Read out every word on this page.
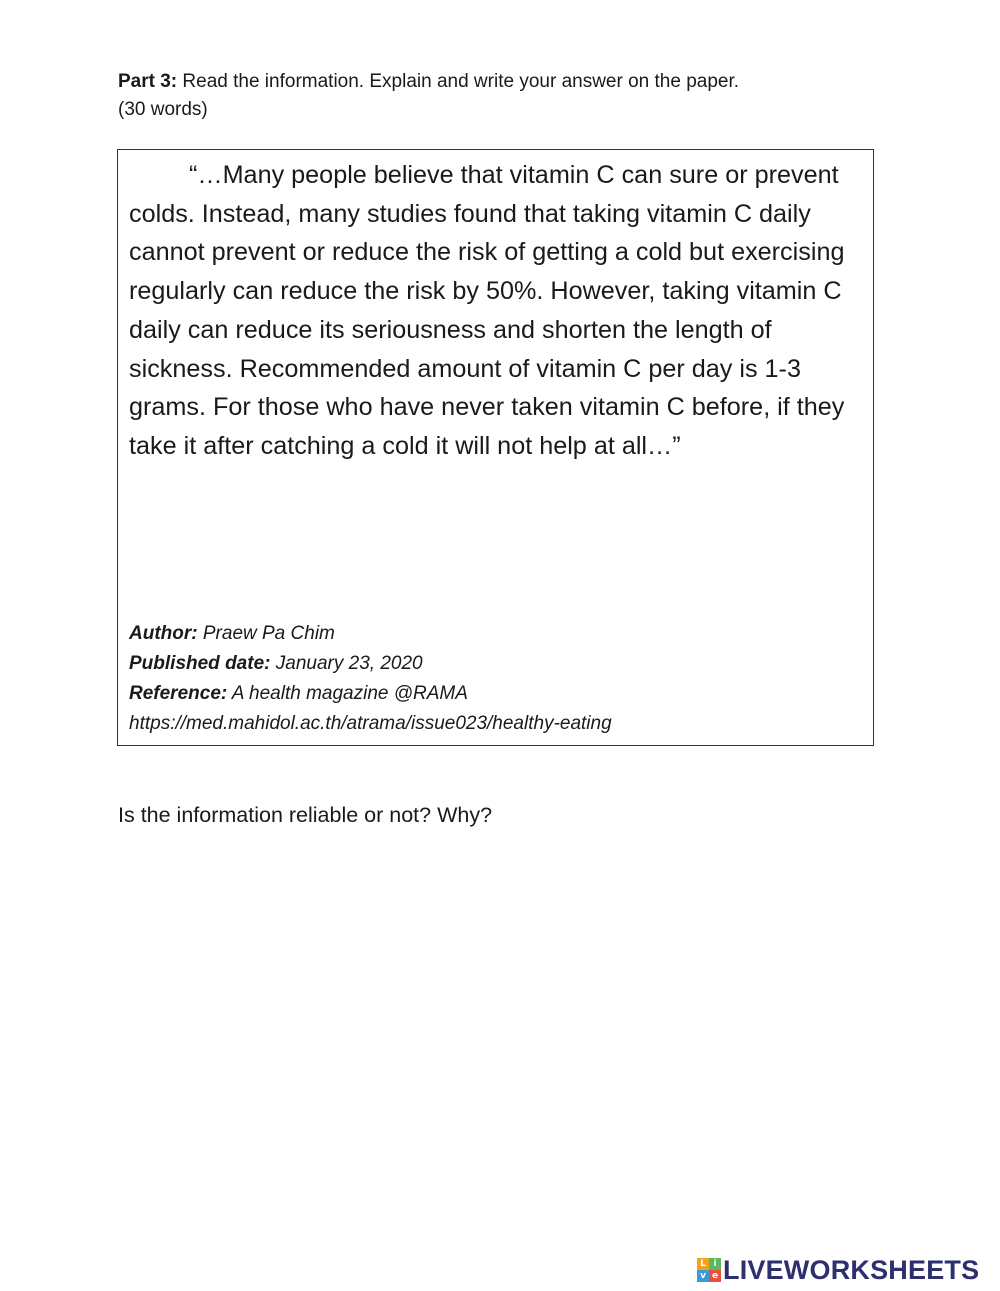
Part 3: Read the information. Explain and write your answer on the paper.
(30 words)

“…Many people believe that vitamin C can sure or prevent colds. Instead, many studies found that taking vitamin C daily cannot prevent or reduce the risk of getting a cold but exercising regularly can reduce the risk by 50%. However, taking vitamin C daily can reduce its seriousness and shorten the length of sickness. Recommended amount of vitamin C per day is 1-3 grams. For those who have never taken vitamin C before, if they take it after catching a cold it will not help at all…”

Author: Praew Pa Chim
Published date: January 23, 2020
Reference: A health magazine @RAMA
https://med.mahidol.ac.th/atrama/issue023/healthy-eating
Is the information reliable or not? Why?
L i
v e LIVEWORKSHEETS
